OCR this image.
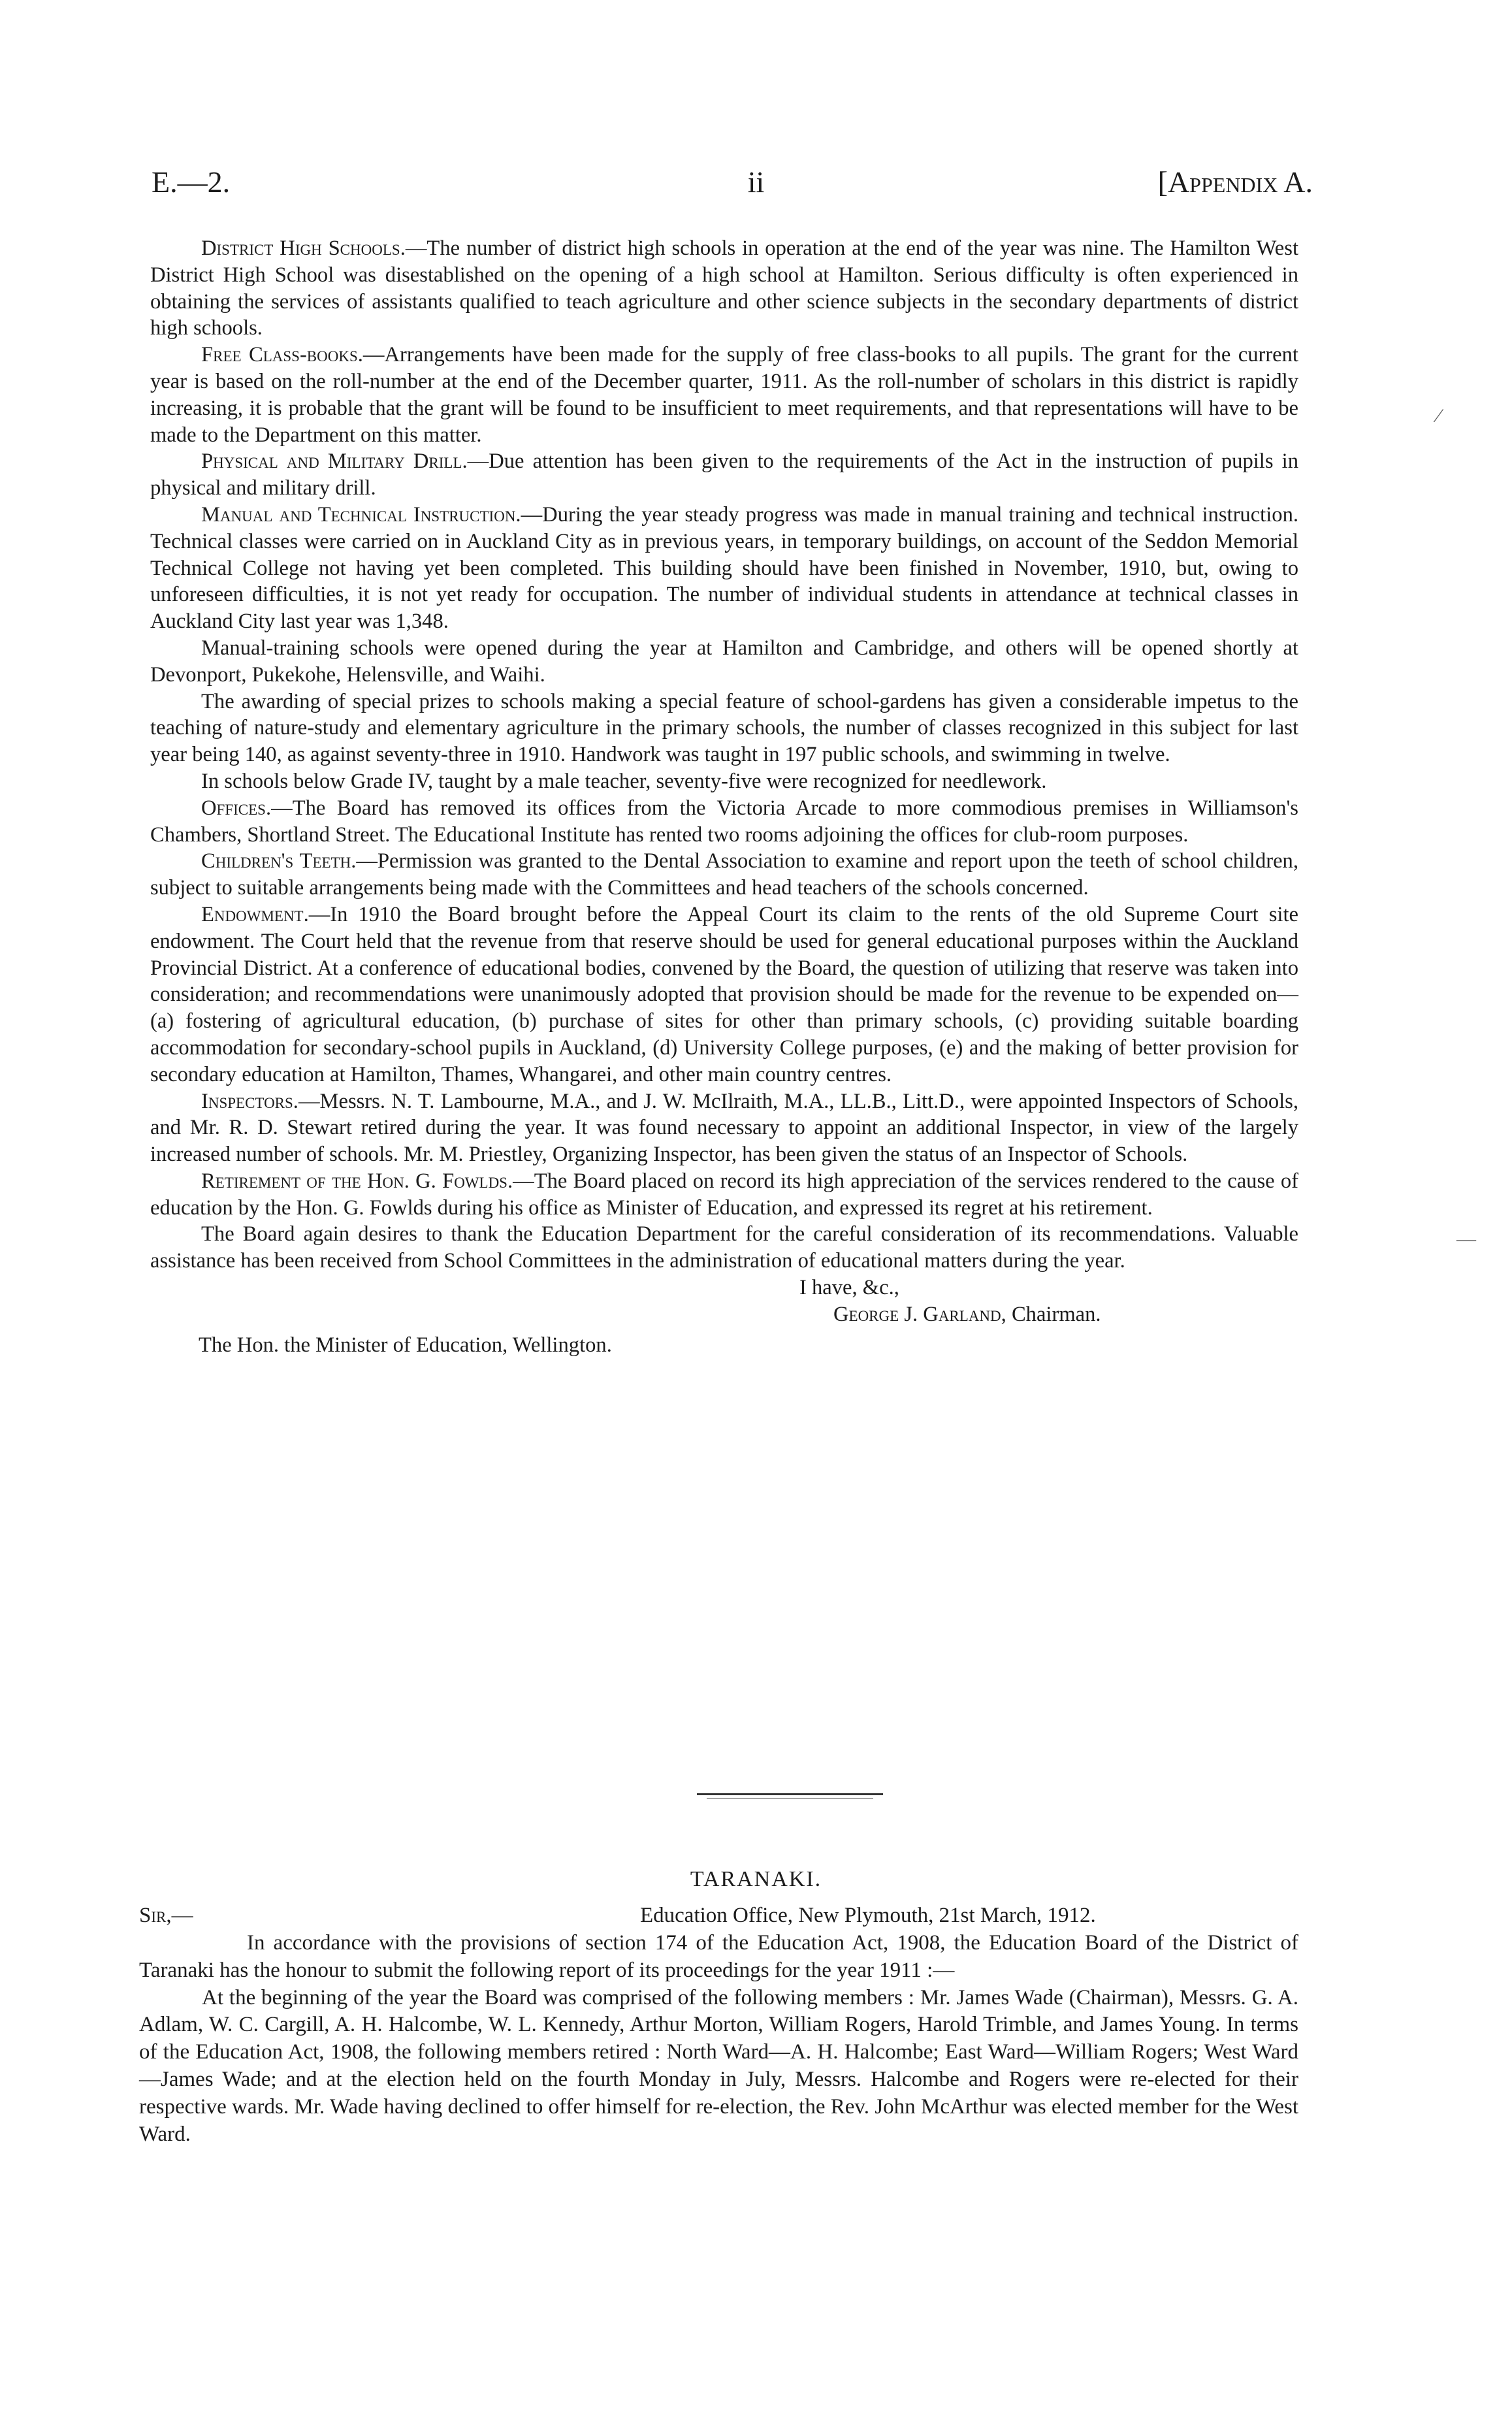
E.—2.	ii	[Appendix A.

District High Schools.—The number of district high schools in operation at the end of the year was nine. The Hamilton West District High School was disestablished on the opening of a high school at Hamilton. Serious difficulty is often experienced in obtaining the services of assistants qualified to teach agriculture and other science subjects in the secondary departments of district high schools.

Free Class-books.—Arrangements have been made for the supply of free class-books to all pupils. The grant for the current year is based on the roll-number at the end of the December quarter, 1911. As the roll-number of scholars in this district is rapidly increasing, it is probable that the grant will be found to be insufficient to meet requirements, and that representations will have to be made to the Department on this matter.

Physical and Military Drill.—Due attention has been given to the requirements of the Act in the instruction of pupils in physical and military drill.

Manual and Technical Instruction.—During the year steady progress was made in manual training and technical instruction. Technical classes were carried on in Auckland City as in previous years, in temporary buildings, on account of the Seddon Memorial Technical College not having yet been completed. This building should have been finished in November, 1910, but, owing to unforeseen difficulties, it is not yet ready for occupation. The number of individual students in attendance at technical classes in Auckland City last year was 1,348.

Manual-training schools were opened during the year at Hamilton and Cambridge, and others will be opened shortly at Devonport, Pukekohe, Helensville, and Waihi.

The awarding of special prizes to schools making a special feature of school-gardens has given a considerable impetus to the teaching of nature-study and elementary agriculture in the primary schools, the number of classes recognized in this subject for last year being 140, as against seventy-three in 1910. Handwork was taught in 197 public schools, and swimming in twelve.

In schools below Grade IV, taught by a male teacher, seventy-five were recognized for needlework.

Offices.—The Board has removed its offices from the Victoria Arcade to more commodious premises in Williamson's Chambers, Shortland Street. The Educational Institute has rented two rooms adjoining the offices for club-room purposes.

Children's Teeth.—Permission was granted to the Dental Association to examine and report upon the teeth of school children, subject to suitable arrangements being made with the Committees and head teachers of the schools concerned.

Endowment.—In 1910 the Board brought before the Appeal Court its claim to the rents of the old Supreme Court site endowment. The Court held that the revenue from that reserve should be used for general educational purposes within the Auckland Provincial District. At a conference of educational bodies, convened by the Board, the question of utilizing that reserve was taken into consideration; and recommendations were unanimously adopted that provision should be made for the revenue to be expended on—(a) fostering of agricultural education, (b) purchase of sites for other than primary schools, (c) providing suitable boarding accommodation for secondary-school pupils in Auckland, (d) University College purposes, (e) and the making of better provision for secondary education at Hamilton, Thames, Whangarei, and other main country centres.

Inspectors.—Messrs. N. T. Lambourne, M.A., and J. W. McIlraith, M.A., LL.B., Litt.D., were appointed Inspectors of Schools, and Mr. R. D. Stewart retired during the year. It was found necessary to appoint an additional Inspector, in view of the largely increased number of schools. Mr. M. Priestley, Organizing Inspector, has been given the status of an Inspector of Schools.

Retirement of the Hon. G. Fowlds.—The Board placed on record its high appreciation of the services rendered to the cause of education by the Hon. G. Fowlds during his office as Minister of Education, and expressed its regret at his retirement.

The Board again desires to thank the Education Department for the careful consideration of its recommendations. Valuable assistance has been received from School Committees in the administration of educational matters during the year.

I have, &c.,
George J. Garland, Chairman.
The Hon. the Minister of Education, Wellington.
TARANAKI.
Sir,—	Education Office, New Plymouth, 21st March, 1912.

In accordance with the provisions of section 174 of the Education Act, 1908, the Education Board of the District of Taranaki has the honour to submit the following report of its proceedings for the year 1911 :—

At the beginning of the year the Board was comprised of the following members : Mr. James Wade (Chairman), Messrs. G. A. Adlam, W. C. Cargill, A. H. Halcombe, W. L. Kennedy, Arthur Morton, William Rogers, Harold Trimble, and James Young. In terms of the Education Act, 1908, the following members retired : North Ward—A. H. Halcombe; East Ward—William Rogers; West Ward—James Wade; and at the election held on the fourth Monday in July, Messrs. Halcombe and Rogers were re-elected for their respective wards. Mr. Wade having declined to offer himself for re-election, the Rev. John McArthur was elected member for the West Ward.

⁄
—
